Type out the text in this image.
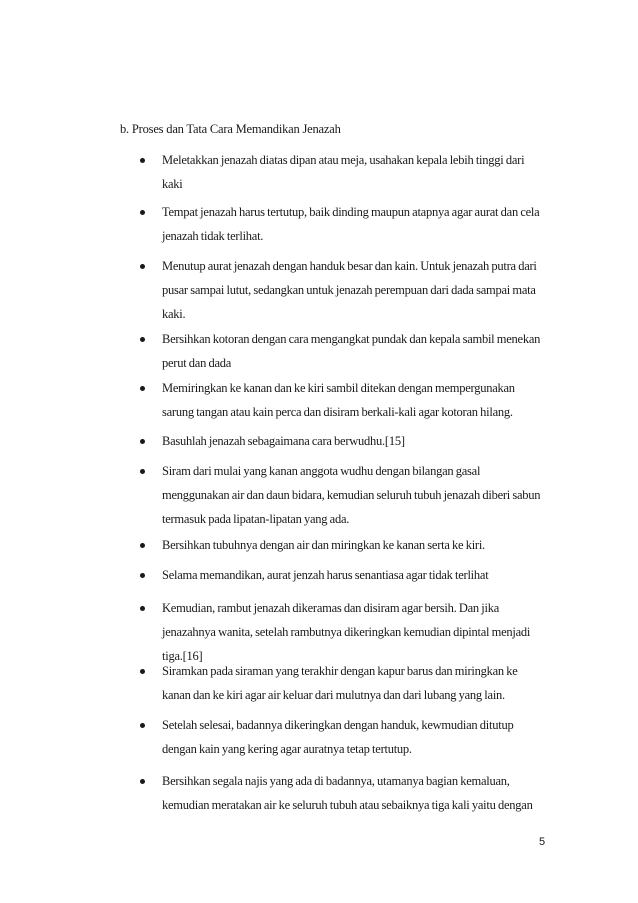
b. Proses dan Tata Cara Memandikan Jenazah
Meletakkan jenazah diatas dipan atau meja, usahakan kepala lebih tinggi dari kaki
Tempat jenazah harus tertutup, baik dinding maupun atapnya agar aurat dan cela jenazah tidak terlihat.
Menutup aurat jenazah dengan handuk besar dan kain. Untuk jenazah putra dari pusar sampai lutut, sedangkan untuk jenazah perempuan dari dada sampai mata kaki.
Bersihkan kotoran dengan cara mengangkat pundak dan kepala sambil menekan perut dan dada
Memiringkan ke kanan dan ke kiri sambil ditekan dengan mempergunakan sarung tangan atau kain perca dan disiram berkali-kali agar kotoran hilang.
Basuhlah jenazah sebagaimana cara berwudhu.[15]
Siram dari mulai yang kanan anggota wudhu dengan bilangan gasal menggunakan air dan daun bidara, kemudian seluruh tubuh jenazah diberi sabun termasuk pada lipatan-lipatan yang ada.
Bersihkan tubuhnya dengan air dan miringkan ke kanan serta ke kiri.
Selama memandikan, aurat jenzah harus senantiasa agar tidak terlihat
Kemudian, rambut jenazah dikeramas dan disiram agar bersih. Dan jika jenazahnya wanita, setelah rambutnya dikeringkan kemudian dipintal menjadi tiga.[16]
Siramkan pada siraman yang terakhir dengan kapur barus dan miringkan ke kanan dan ke kiri agar air keluar dari mulutnya dan dari lubang yang lain.
Setelah selesai, badannya dikeringkan dengan handuk, kewmudian ditutup dengan kain yang kering agar auratnya tetap tertutup.
Bersihkan segala najis yang ada di badannya, utamanya bagian kemaluan, kemudian meratakan air ke seluruh tubuh atau sebaiknya tiga kali yaitu dengan
5
